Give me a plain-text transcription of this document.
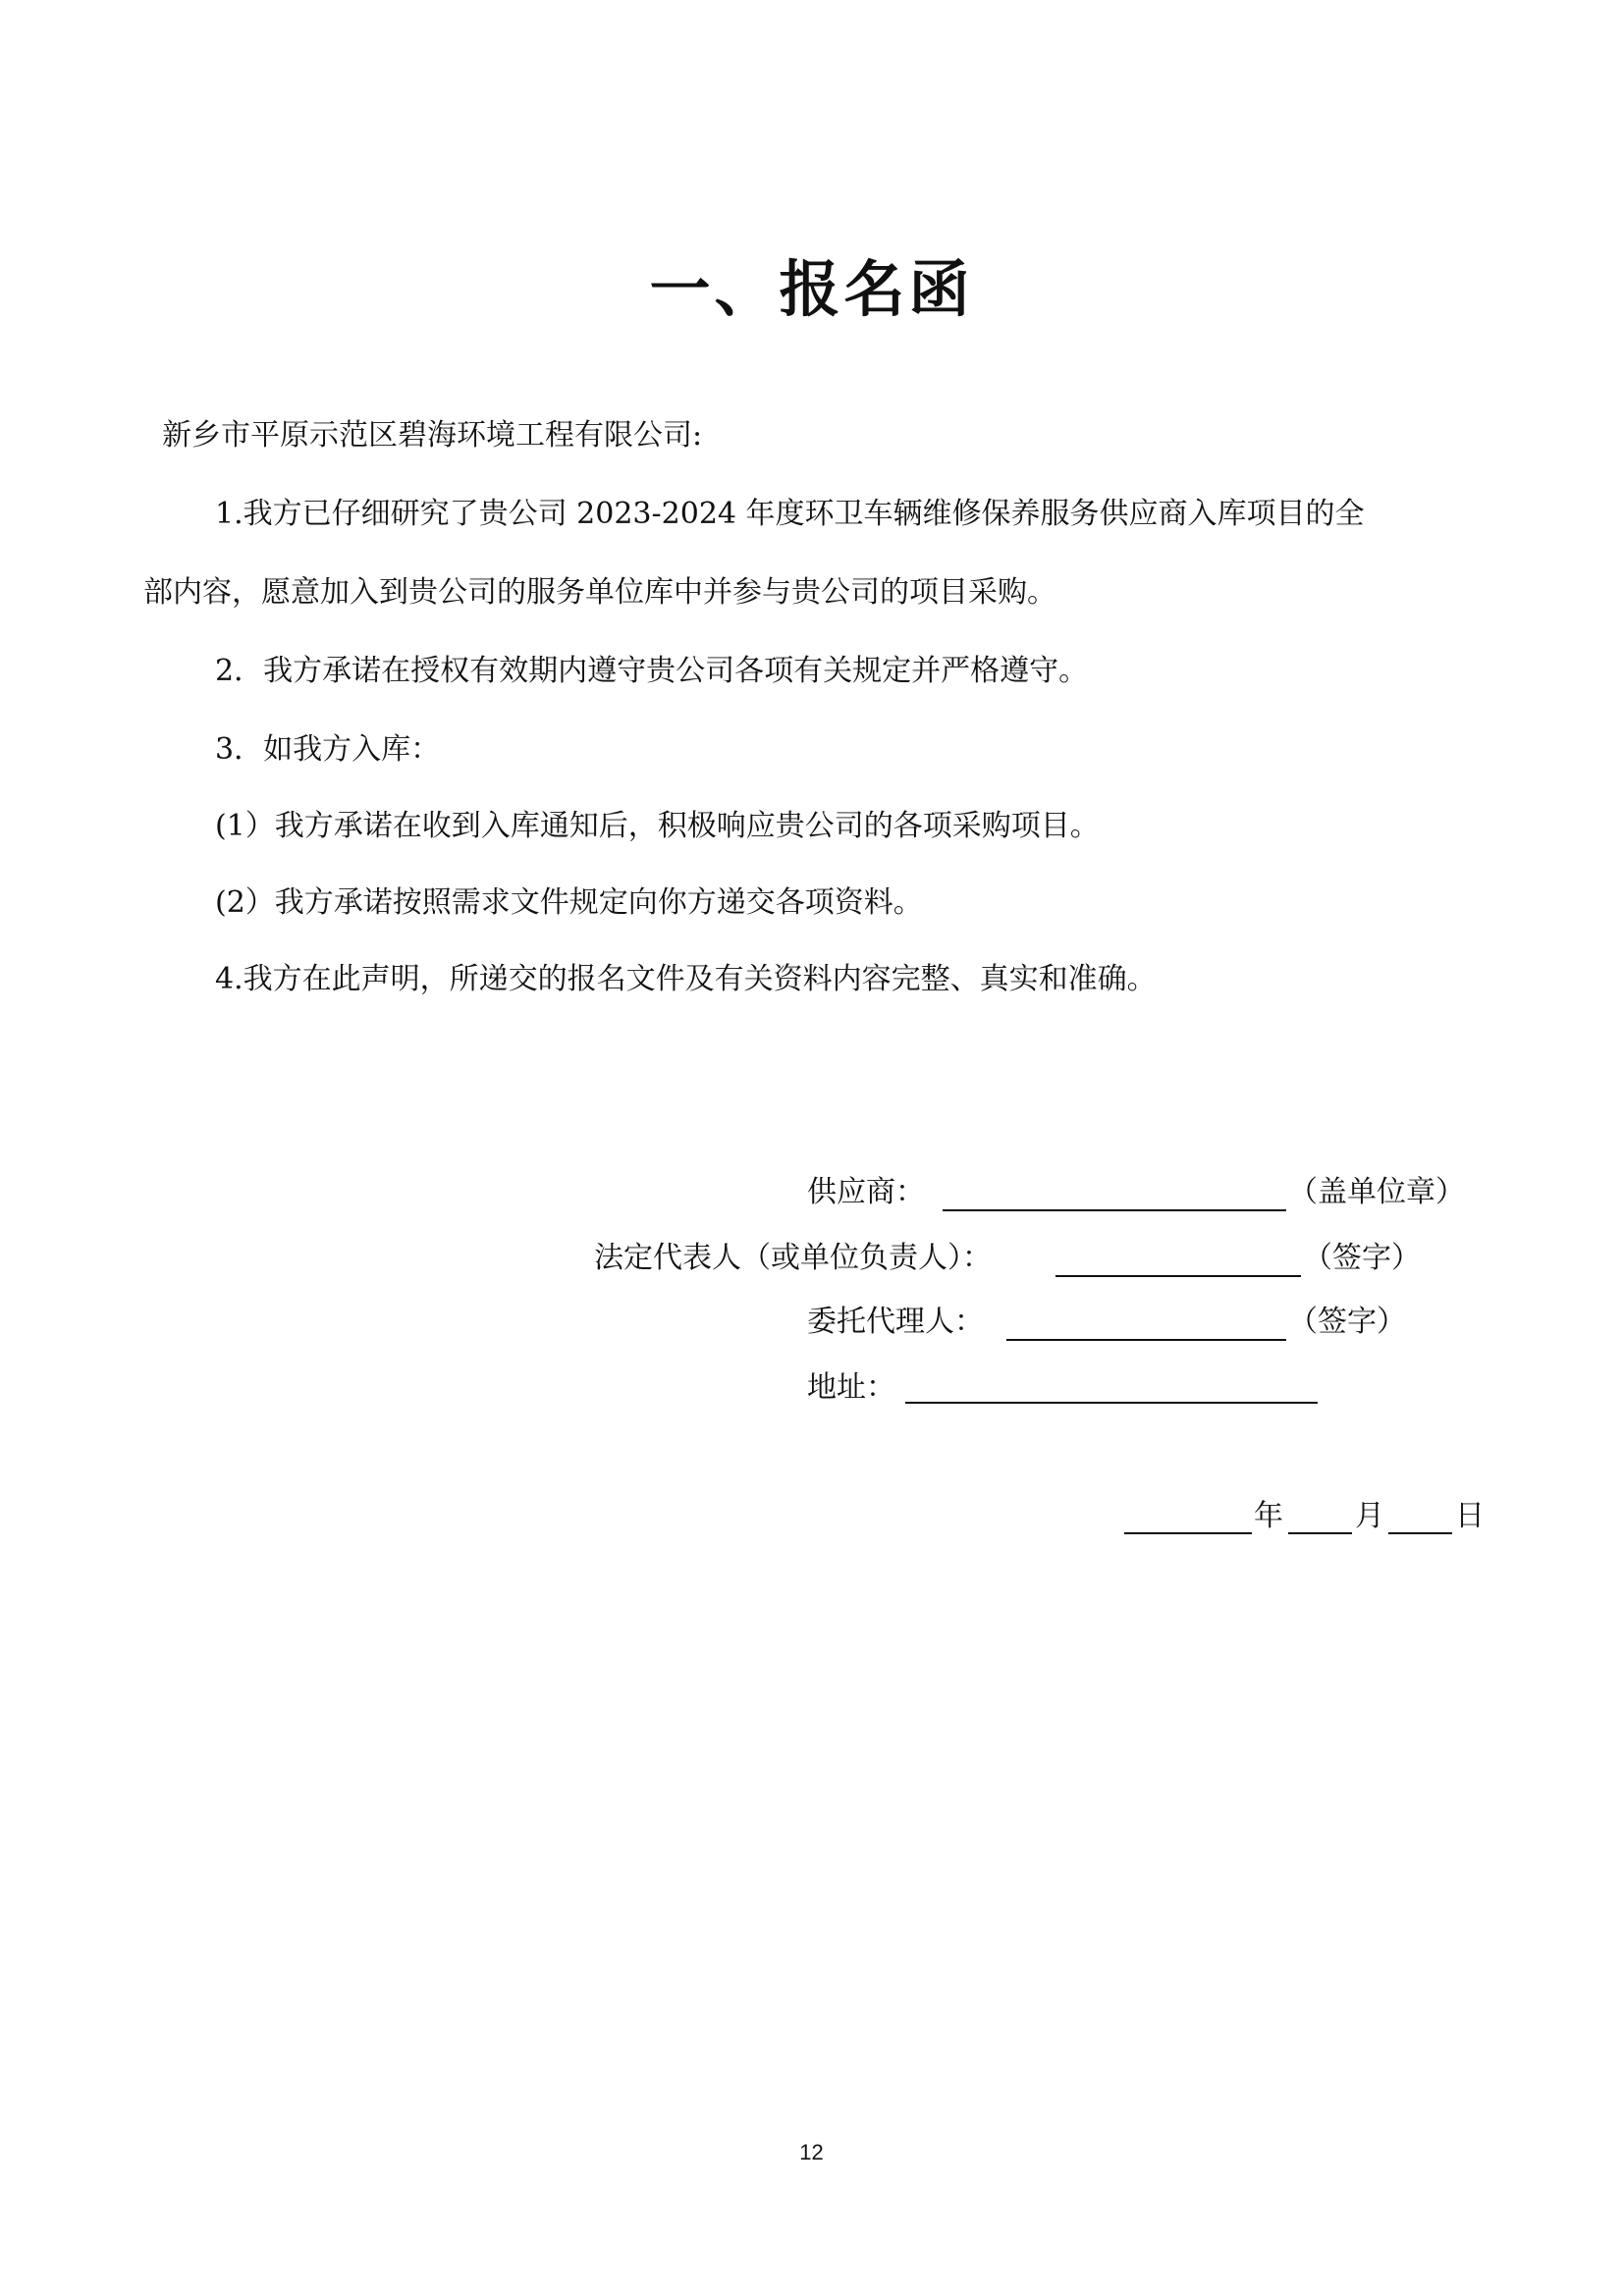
一、报名函
新乡市平原示范区碧海环境工程有限公司:
1.我方已仔细研究了贵公司 2023-2024 年度环卫车辆维修保养服务供应商入库项目的全
部内容，愿意加入到贵公司的服务单位库中并参与贵公司的项目采购。
2．我方承诺在授权有效期内遵守贵公司各项有关规定并严格遵守。
3．如我方入库：
(1）我方承诺在收到入库通知后，积极响应贵公司的各项采购项目。
(2）我方承诺按照需求文件规定向你方递交各项资料。
4.我方在此声明，所递交的报名文件及有关资料内容完整、真实和准确。
供应商：	（盖单位章）
法定代表人（或单位负责人）：	（签字）
委托代理人：	（签字）
地址：
年 月 日
12
